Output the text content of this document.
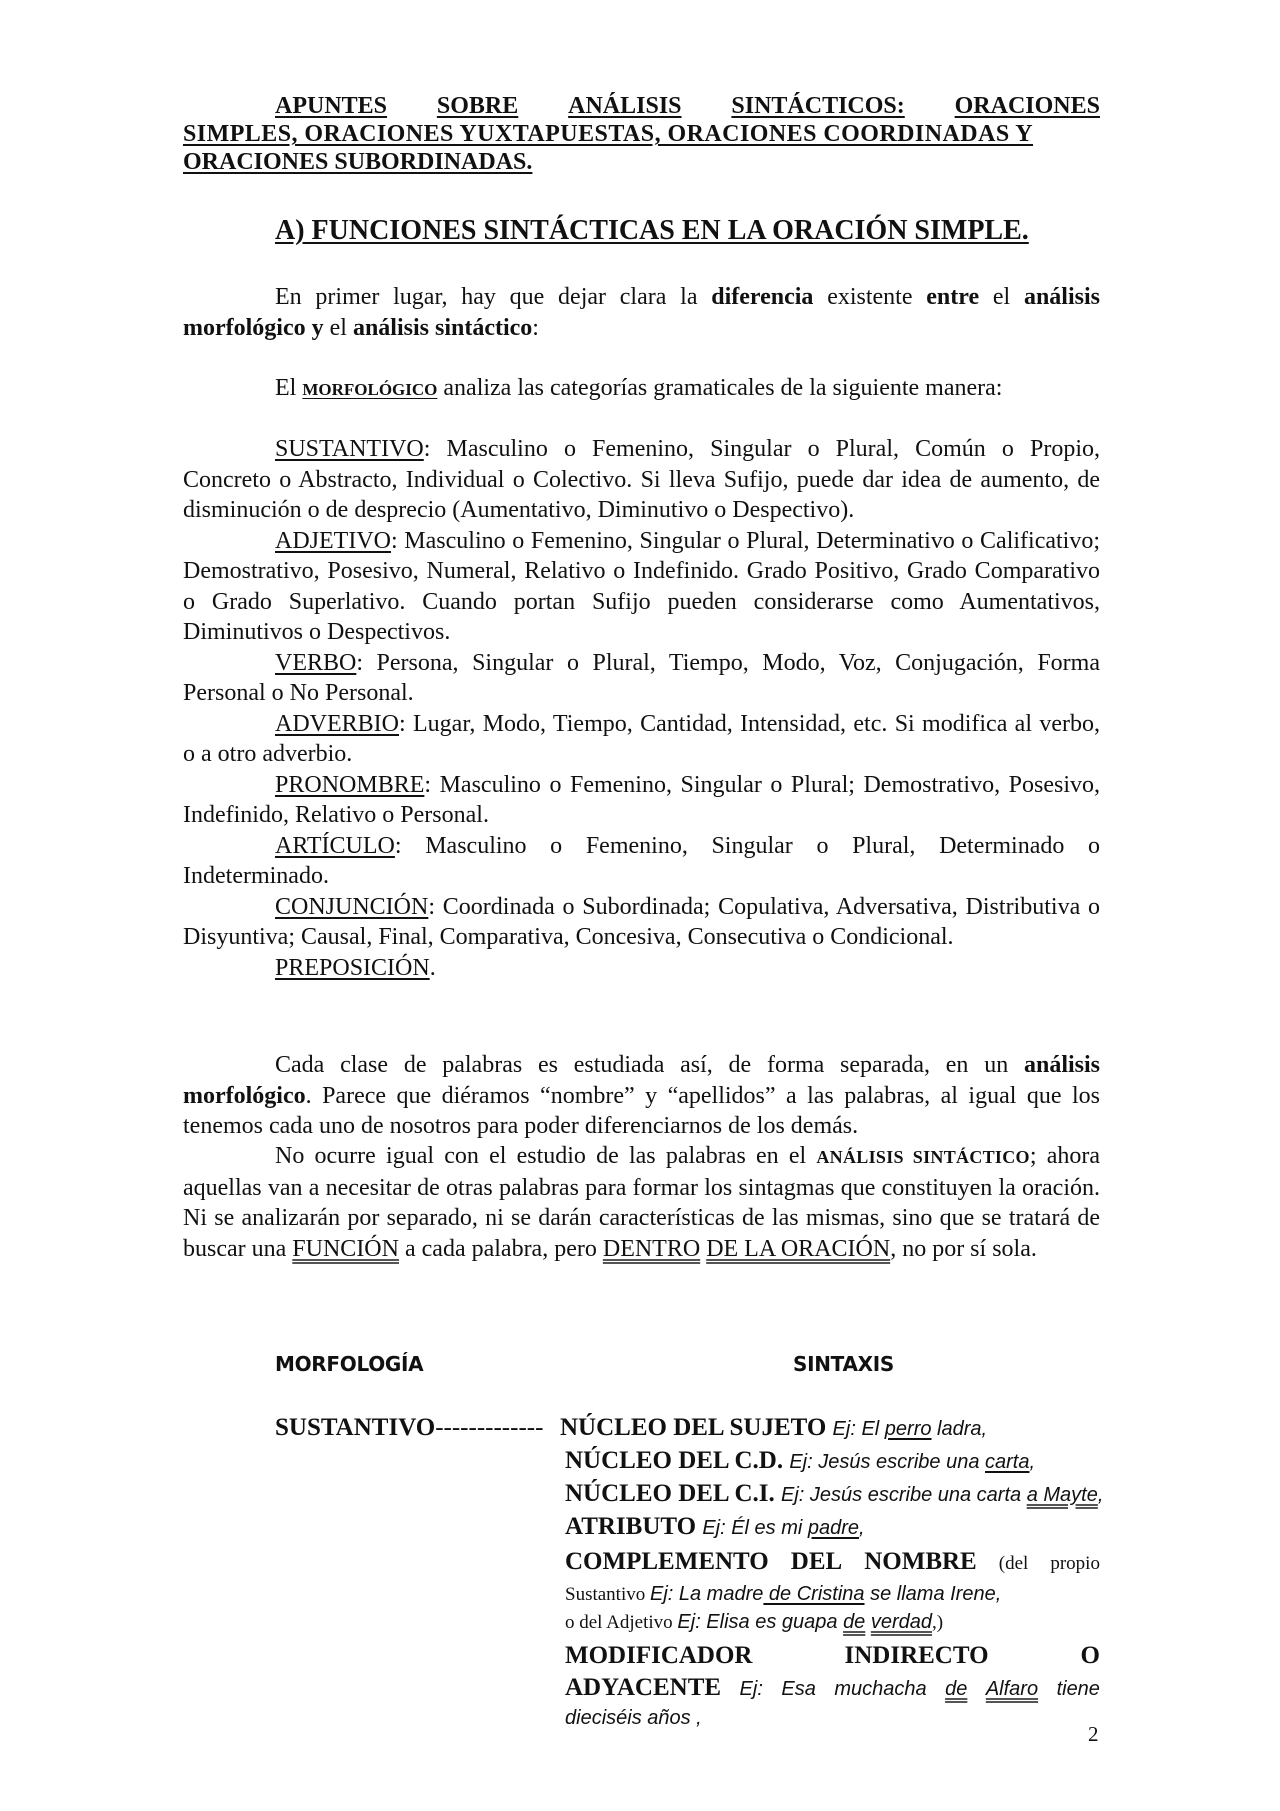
APUNTES SOBRE ANÁLISIS SINTÁCTICOS: ORACIONES
SIMPLES, ORACIONES YUXTAPUESTAS, ORACIONES COORDINADAS Y
ORACIONES SUBORDINADAS.
A) FUNCIONES SINTÁCTICAS EN LA ORACIÓN SIMPLE.

En primer lugar, hay que dejar clara la diferencia existente entre el análisis morfológico y el análisis sintáctico:

El MORFOLÓGICO analiza las categorías gramaticales de la siguiente manera:

SUSTANTIVO: Masculino o Femenino, Singular o Plural, Común o Propio, Concreto o Abstracto, Individual o Colectivo. Si lleva Sufijo, puede dar idea de aumento, de disminución o de desprecio (Aumentativo, Diminutivo o Despectivo).

ADJETIVO: Masculino o Femenino, Singular o Plural, Determinativo o Calificativo; Demostrativo, Posesivo, Numeral, Relativo o Indefinido. Grado Positivo, Grado Comparativo o Grado Superlativo. Cuando portan Sufijo pueden considerarse como Aumentativos, Diminutivos o Despectivos.

VERBO: Persona, Singular o Plural, Tiempo, Modo, Voz, Conjugación, Forma Personal o No Personal.

ADVERBIO: Lugar, Modo, Tiempo, Cantidad, Intensidad, etc. Si modifica al verbo, o a otro adverbio.

PRONOMBRE: Masculino o Femenino, Singular o Plural; Demostrativo, Posesivo, Indefinido, Relativo o Personal.

ARTÍCULO: Masculino o Femenino, Singular o Plural, Determinado o Indeterminado.

CONJUNCIÓN: Coordinada o Subordinada; Copulativa, Adversativa, Distributiva o Disyuntiva; Causal, Final, Comparativa, Concesiva, Consecutiva o Condicional.

PREPOSICIÓN.

Cada clase de palabras es estudiada así, de forma separada, en un análisis morfológico. Parece que diéramos “nombre” y “apellidos” a las palabras, al igual que los tenemos cada uno de nosotros para poder diferenciarnos de los demás.

No ocurre igual con el estudio de las palabras en el ANÁLISIS SINTÁCTICO; ahora aquellas van a necesitar de otras palabras para formar los sintagmas que constituyen la oración. Ni se analizarán por separado, ni se darán características de las mismas, sino que se tratará de buscar una FUNCIÓN a cada palabra, pero DENTRO DE LA ORACIÓN, no por sí sola.

MORFOLOGÍA	SINTAXIS
SUSTANTIVO------------- NÚCLEO DEL SUJETO Ej: El perro ladra,
NÚCLEO DEL C.D. Ej: Jesús escribe una carta,
NÚCLEO DEL C.I. Ej: Jesús escribe una carta a Mayte,
ATRIBUTO Ej: Él es mi padre,
COMPLEMENTO DEL NOMBRE (del propio
Sustantivo Ej: La madre de Cristina se llama Irene,
o del Adjetivo Ej: Elisa es guapa de verdad,)
MODIFICADOR	INDIRECTO	O
ADYACENTE Ej: Esa muchacha de Alfaro tiene
dieciséis años ,
2
